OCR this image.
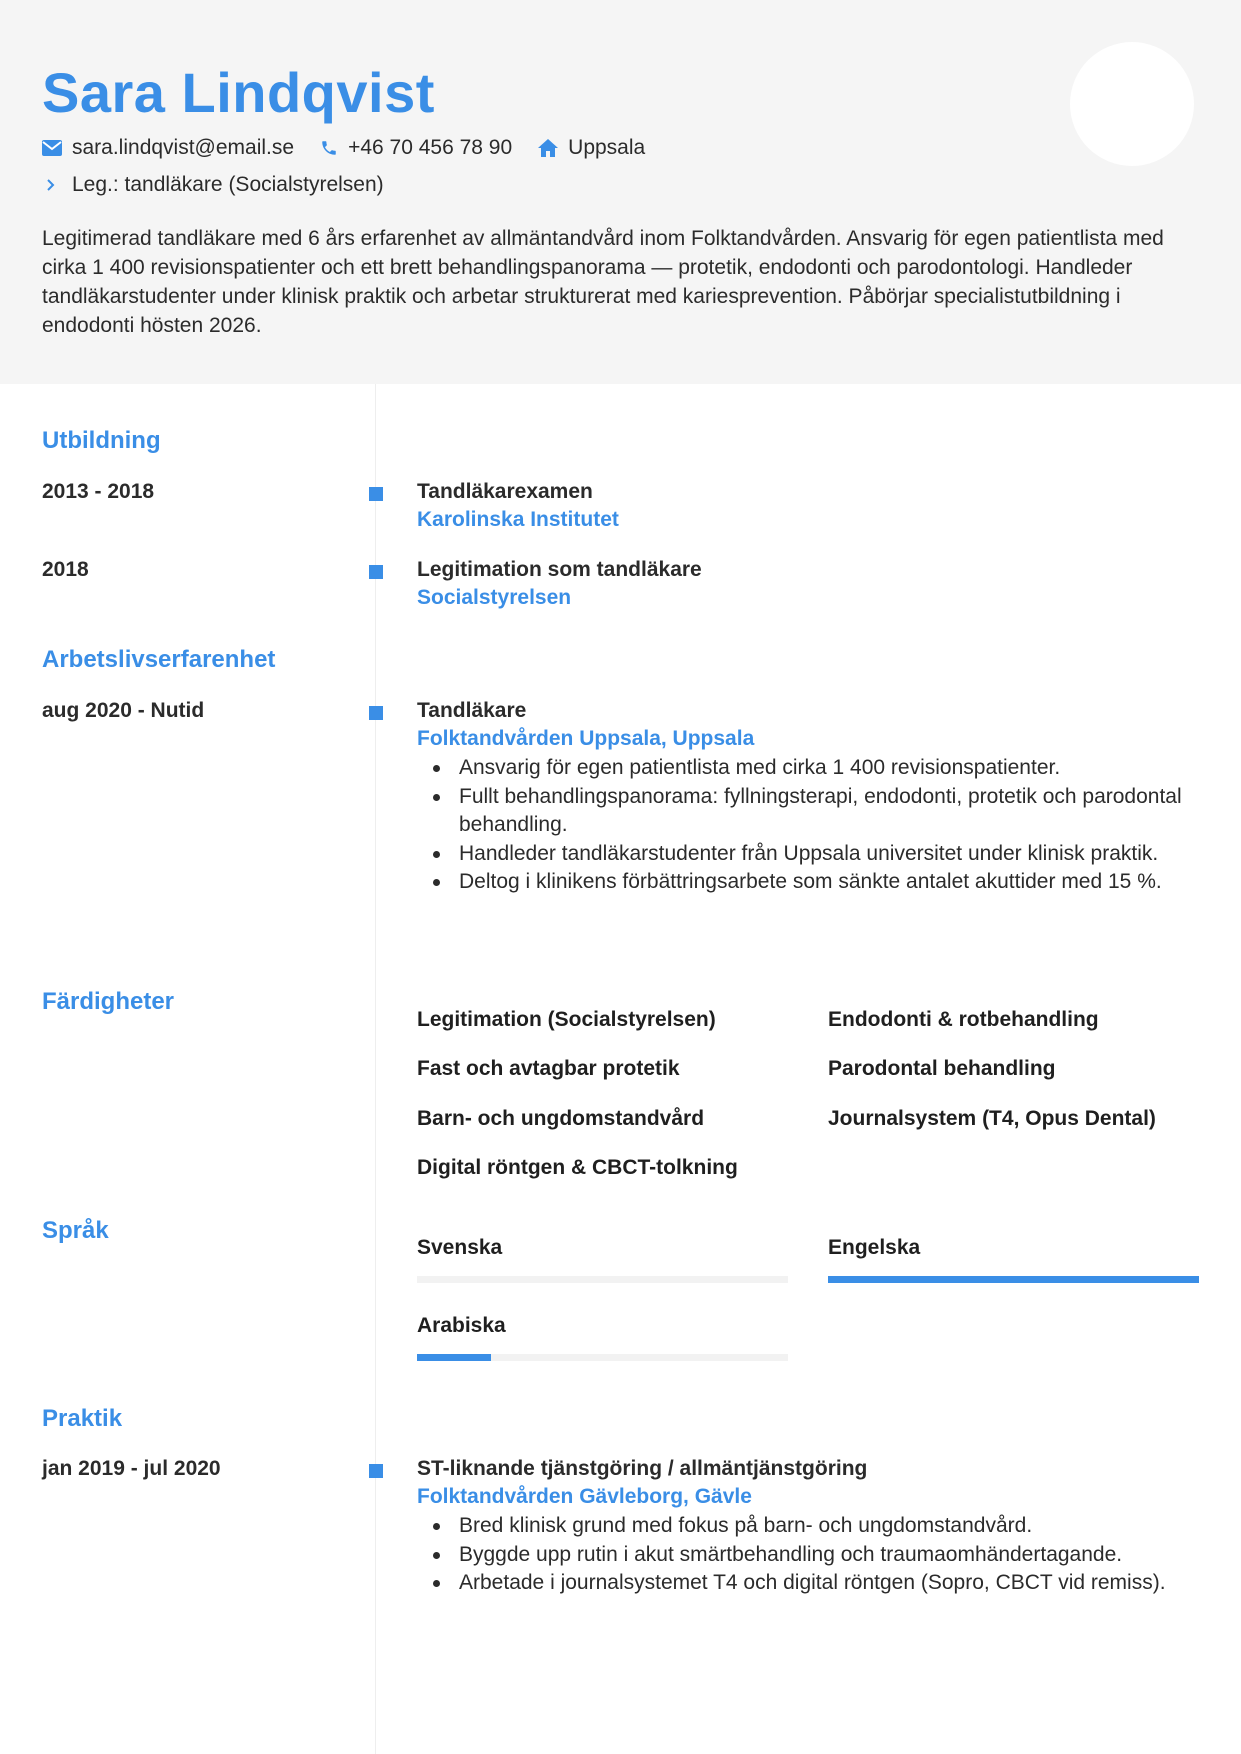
Sara Lindqvist
sara.lindqvist@email.se	+46 70 456 78 90	Uppsala
Leg.: tandläkare (Socialstyrelsen)
Legitimerad tandläkare med 6 års erfarenhet av allmäntandvård inom Folktandvården. Ansvarig för egen patientlista med cirka 1 400 revisionspatienter och ett brett behandlingspanorama — protetik, endodonti och parodontologi. Handleder tandläkarstudenter under klinisk praktik och arbetar strukturerat med kariesprevention. Påbörjar specialistutbildning i endodonti hösten 2026.
Utbildning
2013 - 2018	Tandläkarexamen
Karolinska Institutet
2018	Legitimation som tandläkare
Socialstyrelsen
Arbetslivserfarenhet
aug 2020 - Nutid	Tandläkare
Folktandvården Uppsala, Uppsala
Ansvarig för egen patientlista med cirka 1 400 revisionspatienter.
Fullt behandlingspanorama: fyllningsterapi, endodonti, protetik och parodontal behandling.
Handleder tandläkarstudenter från Uppsala universitet under klinisk praktik.
Deltog i klinikens förbättringsarbete som sänkte antalet akuttider med 15 %.
Färdigheter
Legitimation (Socialstyrelsen)	Endodonti & rotbehandling
Fast och avtagbar protetik	Parodontal behandling
Barn- och ungdomstandvård	Journalsystem (T4, Opus Dental)
Digital röntgen & CBCT-tolkning
Språk
Svenska	Engelska
Arabiska
Praktik
jan 2019 - jul 2020	ST-liknande tjänstgöring / allmäntjänstgöring
Folktandvården Gävleborg, Gävle
Bred klinisk grund med fokus på barn- och ungdomstandvård.
Byggde upp rutin i akut smärtbehandling och traumaomhändertagande.
Arbetade i journalsystemet T4 och digital röntgen (Sopro, CBCT vid remiss).
